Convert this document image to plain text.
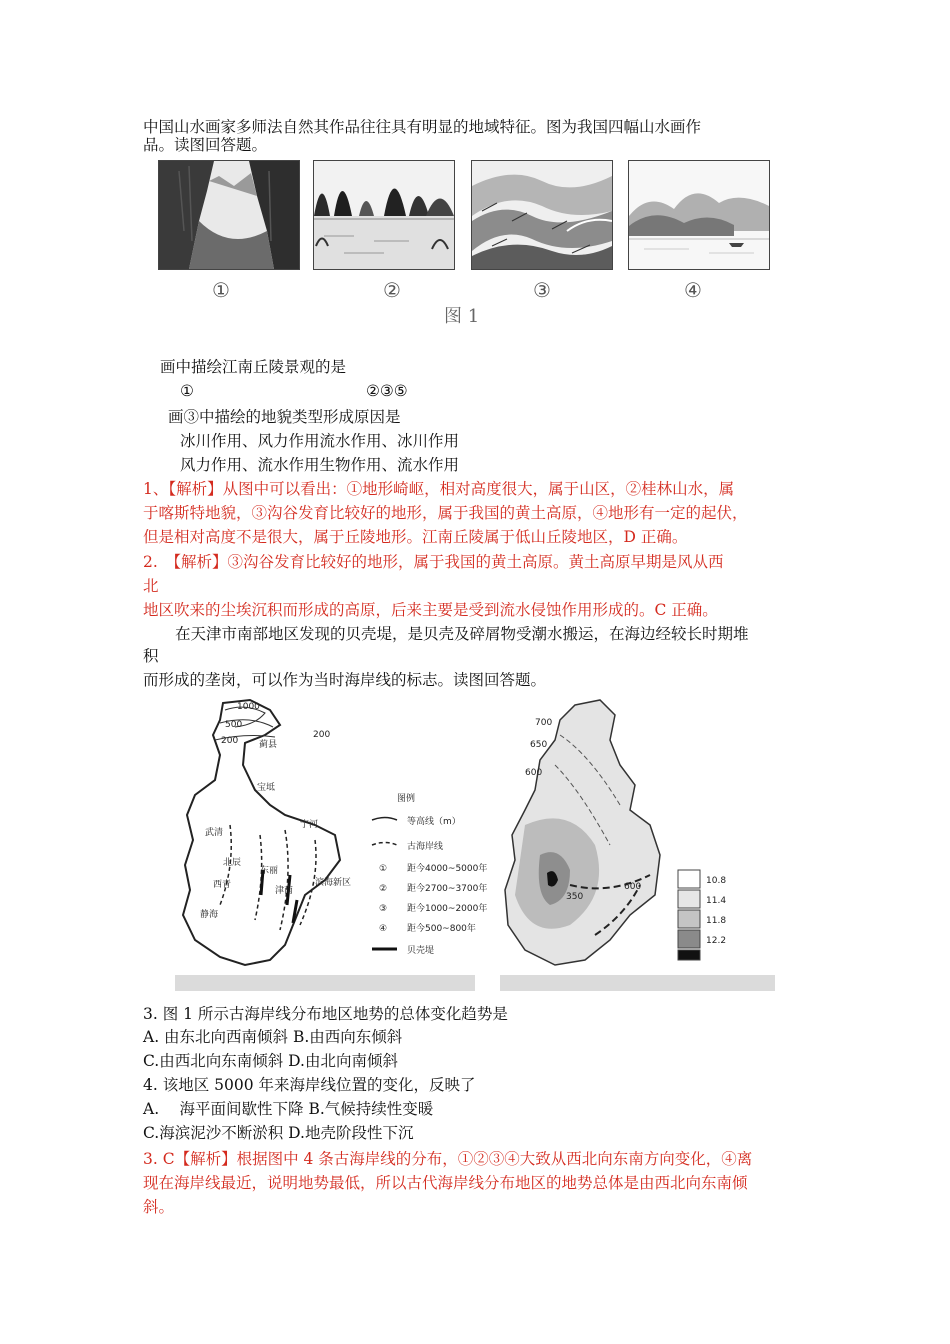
中国山水画家多师法自然其作品往往具有明显的地域特征。图为我国四幅山水画作
品。读图回答题。
①	②	③	④
图 1
画中描绘江南丘陵景观的是
①	②③⑤
画③中描绘的地貌类型形成原因是
冰川作用、风力作用流水作用、冰川作用
风力作用、流水作用生物作用、流水作用
1、【解析】从图中可以看出：①地形崎岖，相对高度很大，属于山区，②桂林山水，属
于喀斯特地貌，③沟谷发育比较好的地形，属于我国的黄土高原，④地形有一定的起伏，
但是相对高度不是很大，属于丘陵地形。江南丘陵属于低山丘陵地区，D 正确。
2.　【解析】③沟谷发育比较好的地形，属于我国的黄土高原。黄土高原早期是风从西
北
地区吹来的尘埃沉积而形成的高原，后来主要是受到流水侵蚀作用形成的。C 正确。
在天津市南部地区发现的贝壳堤，是贝壳及碎屑物受潮水搬运，在海边经较长时期堆
积
而形成的垄岗，可以作为当时海岸线的标志。读图回答题。
1000
500
200
200
蓟县
宝坻
武清
宁河
北辰
东丽
津南
西青
静海
滨海新区
图例
等高线（m）
古海岸线
① 距今4000~5000年
② 距今2700~3700年
③ 距今1000~2000年
④ 距今500~800年
贝壳堤
700
650
600
600
350
10.8
11.4
11.8
12.2
3. 图 1 所示古海岸线分布地区地势的总体变化趋势是
A. 由东北向西南倾斜 B.由西向东倾斜
C.由西北向东南倾斜 D.由北向南倾斜
4. 该地区 5000 年来海岸线位置的变化，反映了
A.　 海平面间歇性下降 B.气候持续性变暖
C.海滨泥沙不断淤积 D.地壳阶段性下沉
3. C【解析】根据图中 4 条古海岸线的分布，①②③④大致从西北向东南方向变化，④离
现在海岸线最近，说明地势最低，所以古代海岸线分布地区的地势总体是由西北向东南倾
斜。
